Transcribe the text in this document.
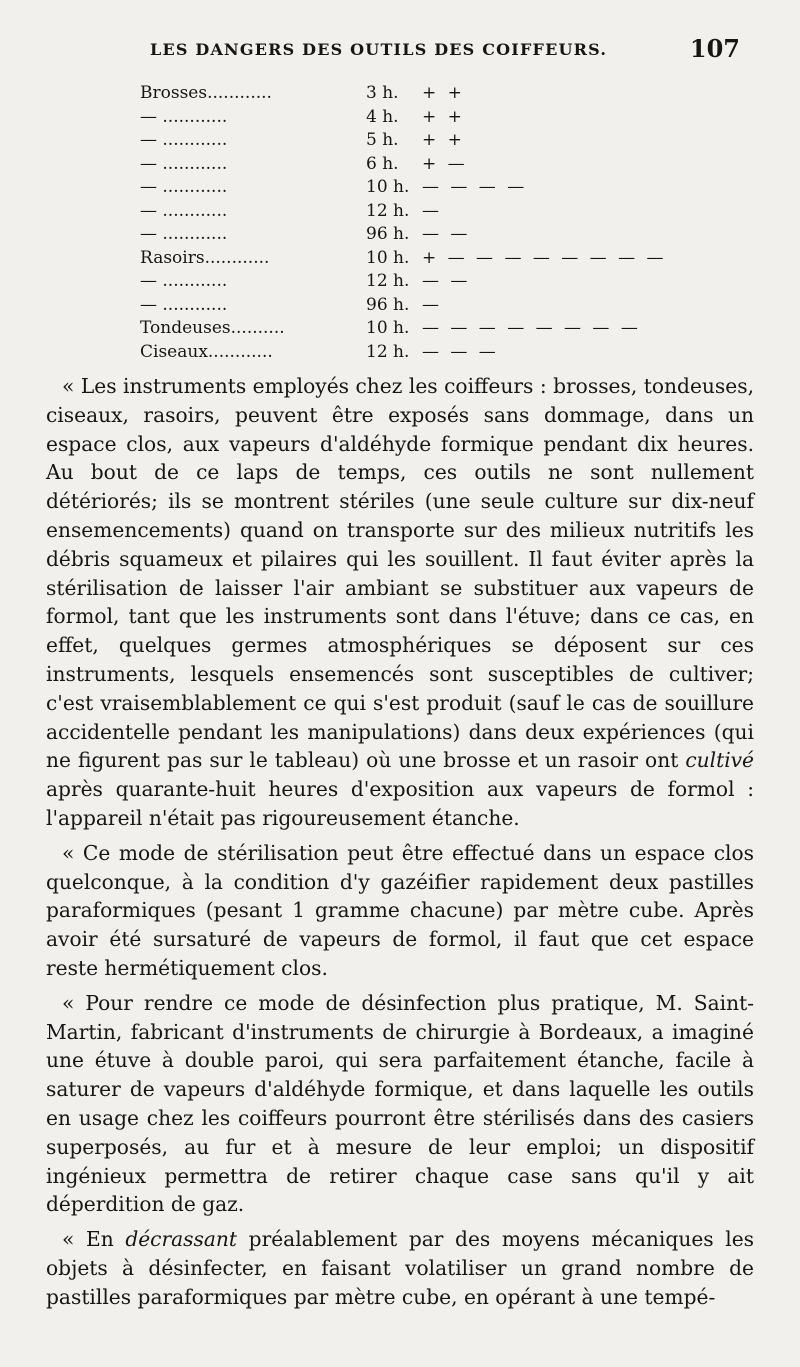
LES DANGERS DES OUTILS DES COIFFEURS.	107
Brosses............	3 h. + +
— ............	4 h. + +
— ............	5 h. + +
— ............	6 h. + —
— ............	10 h. — — — —
— ............	12 h. —
— ............	96 h. — —
Rasoirs............	10 h. + — — — — — — — —
— ............	12 h. — —
— ............	96 h. —
Tondeuses..........	10 h. — — — — — — — —
Ciseaux............	12 h. — — —

« Les instruments employés chez les coiffeurs : brosses, tondeuses, ciseaux, rasoirs, peuvent être exposés sans dommage, dans un espace clos, aux vapeurs d'aldéhyde formique pendant dix heures. Au bout de ce laps de temps, ces outils ne sont nullement détériorés; ils se montrent stériles (une seule culture sur dix-neuf ensemencements) quand on transporte sur des milieux nutritifs les débris squameux et pilaires qui les souillent. Il faut éviter après la stérilisation de laisser l'air ambiant se substituer aux vapeurs de formol, tant que les instruments sont dans l'étuve; dans ce cas, en effet, quelques germes atmosphériques se déposent sur ces instruments, lesquels ensemencés sont susceptibles de cultiver; c'est vraisemblablement ce qui s'est produit (sauf le cas de souillure accidentelle pendant les manipulations) dans deux expériences (qui ne figurent pas sur le tableau) où une brosse et un rasoir ont cultivé après quarante-huit heures d'exposition aux vapeurs de formol : l'appareil n'était pas rigoureusement étanche.

« Ce mode de stérilisation peut être effectué dans un espace clos quelconque, à la condition d'y gazéifier rapidement deux pastilles paraformiques (pesant 1 gramme chacune) par mètre cube. Après avoir été sursaturé de vapeurs de formol, il faut que cet espace reste hermétiquement clos.

« Pour rendre ce mode de désinfection plus pratique, M. Saint-Martin, fabricant d'instruments de chirurgie à Bordeaux, a imaginé une étuve à double paroi, qui sera parfaitement étanche, facile à saturer de vapeurs d'aldéhyde formique, et dans laquelle les outils en usage chez les coiffeurs pourront être stérilisés dans des casiers superposés, au fur et à mesure de leur emploi; un dispositif ingénieux permettra de retirer chaque case sans qu'il y ait déperdition de gaz.

« En décrassant préalablement par des moyens mécaniques les objets à désinfecter, en faisant volatiliser un grand nombre de pastilles paraformiques par mètre cube, en opérant à une tempé-
